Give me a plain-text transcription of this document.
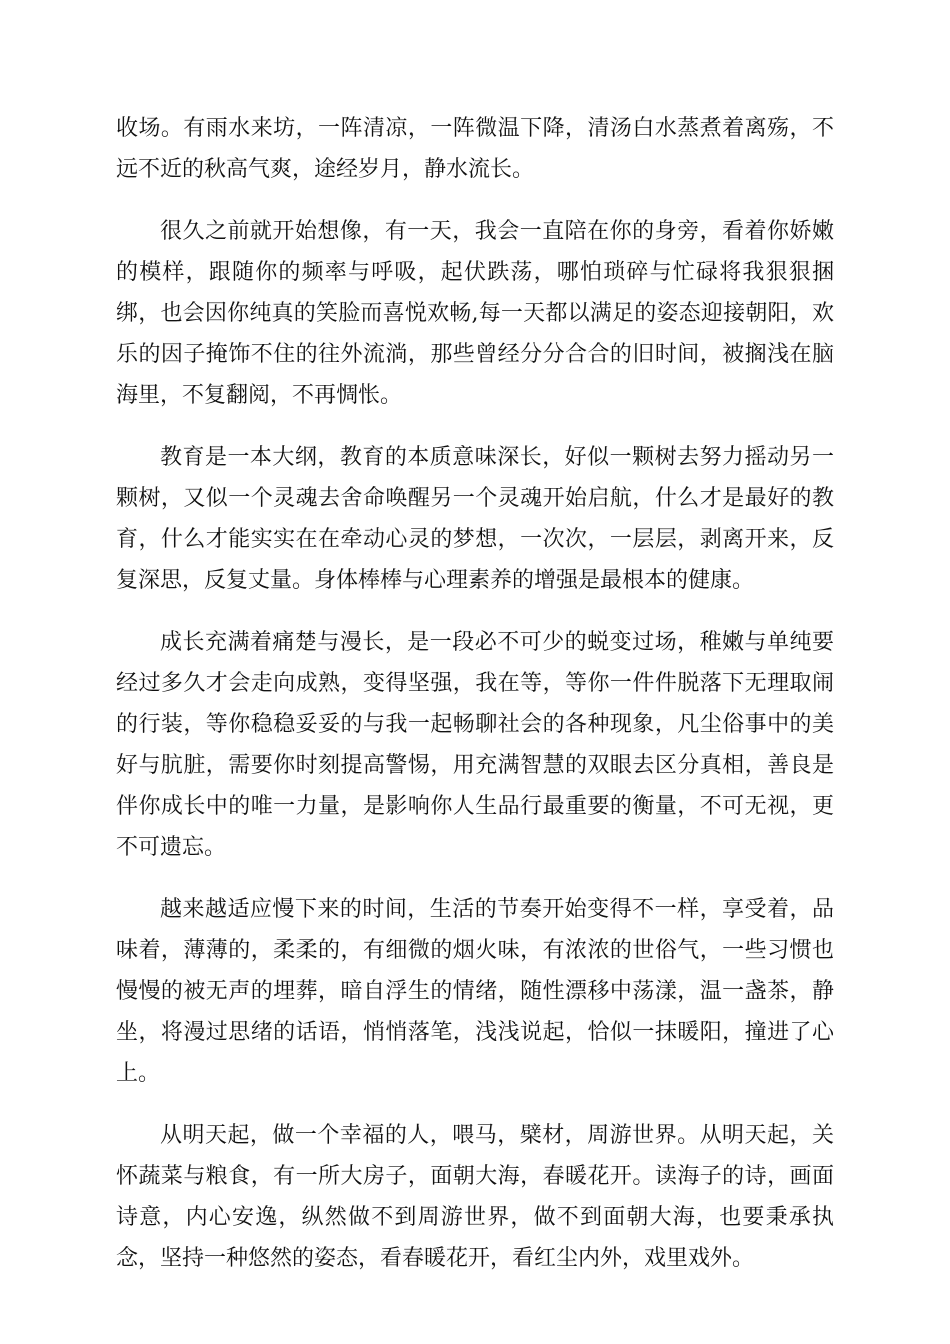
收场。有雨水来坊，一阵清凉，一阵微温下降，清汤白水蒸煮着离殇，不远不近的秋高气爽，途经岁月，静水流长。

很久之前就开始想像，有一天，我会一直陪在你的身旁，看着你娇嫩的模样，跟随你的频率与呼吸，起伏跌荡，哪怕琐碎与忙碌将我狠狠捆绑，也会因你纯真的笑脸而喜悦欢畅,每一天都以满足的姿态迎接朝阳，欢乐的因子掩饰不住的往外流淌，那些曾经分分合合的旧时间，被搁浅在脑海里，不复翻阅，不再惆怅。

教育是一本大纲，教育的本质意味深长，好似一颗树去努力摇动另一颗树，又似一个灵魂去舍命唤醒另一个灵魂开始启航，什么才是最好的教育，什么才能实实在在牵动心灵的梦想，一次次，一层层，剥离开来，反复深思，反复丈量。身体棒棒与心理素养的增强是最根本的健康。

成长充满着痛楚与漫长，是一段必不可少的蜕变过场，稚嫩与单纯要经过多久才会走向成熟，变得坚强，我在等，等你一件件脱落下无理取闹的行装，等你稳稳妥妥的与我一起畅聊社会的各种现象，凡尘俗事中的美好与肮脏，需要你时刻提高警惕，用充满智慧的双眼去区分真相，善良是伴你成长中的唯一力量，是影响你人生品行最重要的衡量，不可无视，更不可遗忘。

越来越适应慢下来的时间，生活的节奏开始变得不一样，享受着，品味着，薄薄的，柔柔的，有细微的烟火味，有浓浓的世俗气，一些习惯也慢慢的被无声的埋葬，暗自浮生的情绪，随性漂移中荡漾，温一盏茶，静坐，将漫过思绪的话语，悄悄落笔，浅浅说起，恰似一抹暖阳，撞进了心上。

从明天起，做一个幸福的人，喂马，檗材，周游世界。从明天起，关怀蔬菜与粮食，有一所大房子，面朝大海，春暖花开。读海子的诗，画面诗意，内心安逸，纵然做不到周游世界，做不到面朝大海，也要秉承执念，坚持一种悠然的姿态，看春暖花开，看红尘内外，戏里戏外。
